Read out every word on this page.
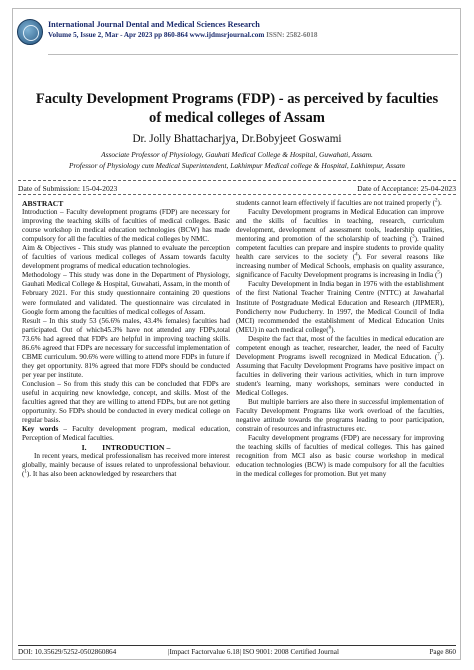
International Journal Dental and Medical Sciences Research
Volume 5, Issue 2, Mar - Apr 2023 pp 860-864 www.ijdmsrjournal.com ISSN: 2582-6018
Faculty Development Programs (FDP) - as perceived by faculties of medical colleges of Assam
Dr. Jolly Bhattacharjya, Dr.Bobyjeet Goswami
Associate Professor of Physiology, Gauhati Medical College & Hospital, Guwahati, Assam.
Professor of Physiology cum Medical Superintendent, Lakhimpur Medical college & Hospital, Lakhimpur, Assam
Date of Submission: 15-04-2023	Date of Acceptance: 25-04-2023

ABSTRACT

Introduction – Faculty development programs (FDP) are necessary for improving the teaching skills of faculties of medical colleges. Basic course workshop in medical education technologies (BCW) has made compulsory for all the faculties of the medical colleges by NMC.

Aim & Objectives - This study was planned to evaluate the perception of faculties of various medical colleges of Assam towards faculty development programs of medical education technologies.

Methodology – This study was done in the Department of Physiology, Gauhati Medical College & Hospital, Guwahati, Assam, in the month of February 2021. For this study questionnaire containing 20 questions were formulated and validated. The questionnaire was circulated in Google form among the faculties of medical colleges of Assam.

Result – In this study 53 (56.6% males, 43.4% females) faculties had participated. Out of which45.3% have not attended any FDPs,total 73.6% had agreed that FDPs are helpful in improving teaching skills. 86.6% agreed that FDPs are necessary for successful implementation of CBME curriculum. 90.6% were willing to attend more FDPs in future if they get opportunity. 81% agreed that more FDPs should be conducted per year per institute.

Conclusion – So from this study this can be concluded that FDPs are useful in acquiring new knowledge, concept, and skills. Most of the faculties agreed that they are willing to attend FDPs, but are not getting opportunity. So FDPs should be conducted in every medical college on regular basis.

Key words – Faculty development program, medical education, Perception of Medical faculties.

I.        INTRODUCTION –

In recent years, medical professionalism has received more interest globally, mainly because of issues related to unprofessional behaviour. ($^1$). It has also been acknowledged by researchers that

students cannot learn effectively if faculties are not trained properly ($^2$).

Faculty Development programs in Medical Education can improve and the skills of faculties in teaching, research, curriculum development, development of assessment tools, leadership qualities, mentoring and promotion of the scholarship of teaching ($^3$). Trained competent faculties can prepare and inspire students to provide quality health care services to the society ($^4$). For several reasons like increasing number of Medical Schools, emphasis on quality assurance, significance of Faculty Development programs is increasing in India ($^5$)

Faculty Development in India began in 1976 with the establishment of the first National Teacher Training Centre (NTTC) at Jawaharlal Institute of Postgraduate Medical Education and Research (JIPMER), Pondicherry now Puducherry. In 1997, the Medical Council of India (MCI) recommended the establishment of Medical Education Units (MEU) in each medical college($^6$).

Despite the fact that, most of the faculties in medical education are competent enough as teacher, researcher, leader, the need of Faculty Development Programs iswell recognized in Medical Education. ($^7$). Assuming that Faculty Development Programs have positive impact on faculties in delivering their various activities, which in turn improve student's learning, many workshops, seminars were conducted in Medical Colleges.

But multiple barriers are also there in successful implementation of Faculty Development Programs like work overload of the faculties, negative attitude towards the programs leading to poor participation, constrain of resources and infrastructures etc.

Faculty development programs (FDP) are necessary for improving the teaching skills of faculties of medical colleges. This has gained recognition from MCI also as basic course workshop in medical education technologies (BCW) is made compulsory for all the faculties in the medical colleges for promotion. But yet many

DOI: 10.35629/5252-0502860864	|Impact Factorvalue 6.18| ISO 9001: 2008 Certified Journal	Page 860
